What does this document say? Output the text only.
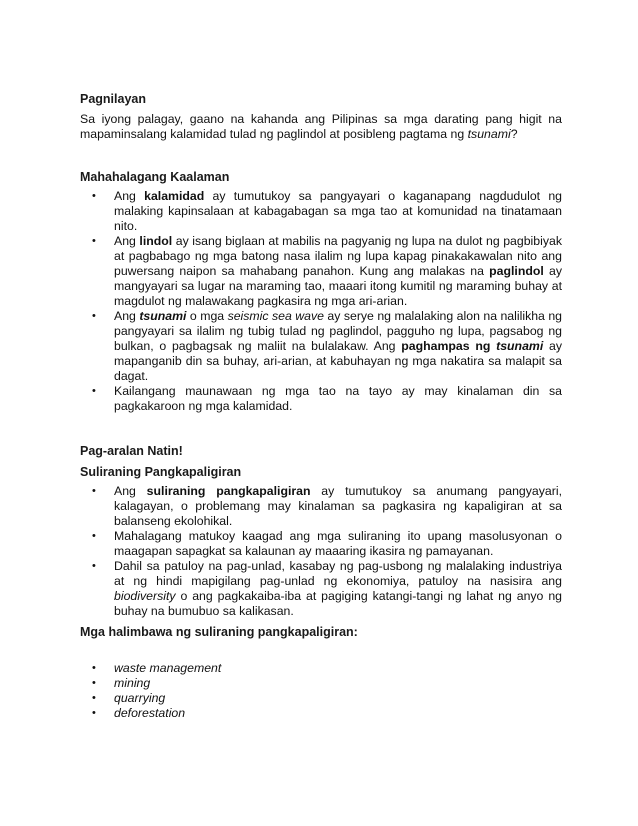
Pagnilayan

Sa iyong palagay, gaano na kahanda ang Pilipinas sa mga darating pang higit na mapaminsalang kalamidad tulad ng paglindol at posibleng pagtama ng tsunami?

Mahahalagang Kaalaman

• Ang kalamidad ay tumutukoy sa pangyayari o kaganapang nagdudulot ng malaking kapinsalaan at kabagabagan sa mga tao at komunidad na tinatamaan nito.
• Ang lindol ay isang biglaan at mabilis na pagyanig ng lupa na dulot ng pagbibiyak at pagbabago ng mga batong nasa ilalim ng lupa kapag pinakakawalan nito ang puwersang naipon sa mahabang panahon. Kung ang malakas na paglindol ay mangyayari sa lugar na maraming tao, maaari itong kumitil ng maraming buhay at magdulot ng malawakang pagkasira ng mga ari-arian.
• Ang tsunami o mga seismic sea wave ay serye ng malalaking alon na nalilikha ng pangyayari sa ilalim ng tubig tulad ng paglindol, pagguho ng lupa, pagsabog ng bulkan, o pagbagsak ng maliit na bulalakaw. Ang paghampas ng tsunami ay mapanganib din sa buhay, ari-arian, at kabuhayan ng mga nakatira sa malapit sa dagat.
• Kailangang maunawaan ng mga tao na tayo ay may kinalaman din sa pagkakaroon ng mga kalamidad.

Pag-aralan Natin!

Suliraning Pangkapaligiran

• Ang suliraning pangkapaligiran ay tumutukoy sa anumang pangyayari, kalagayan, o problemang may kinalaman sa pagkasira ng kapaligiran at sa balanseng ekolohikal.
• Mahalagang matukoy kaagad ang mga suliraning ito upang masolusyonan o maagapan sapagkat sa kalaunan ay maaaring ikasira ng pamayanan.
• Dahil sa patuloy na pag-unlad, kasabay ng pag-usbong ng malalaking industriya at ng hindi mapigilang pag-unlad ng ekonomiya, patuloy na nasisira ang biodiversity o ang pagkakaiba-iba at pagiging katangi-tangi ng lahat ng anyo ng buhay na bumubuo sa kalikasan.

Mga halimbawa ng suliraning pangkapaligiran:

• waste management
• mining
• quarrying
• deforestation
